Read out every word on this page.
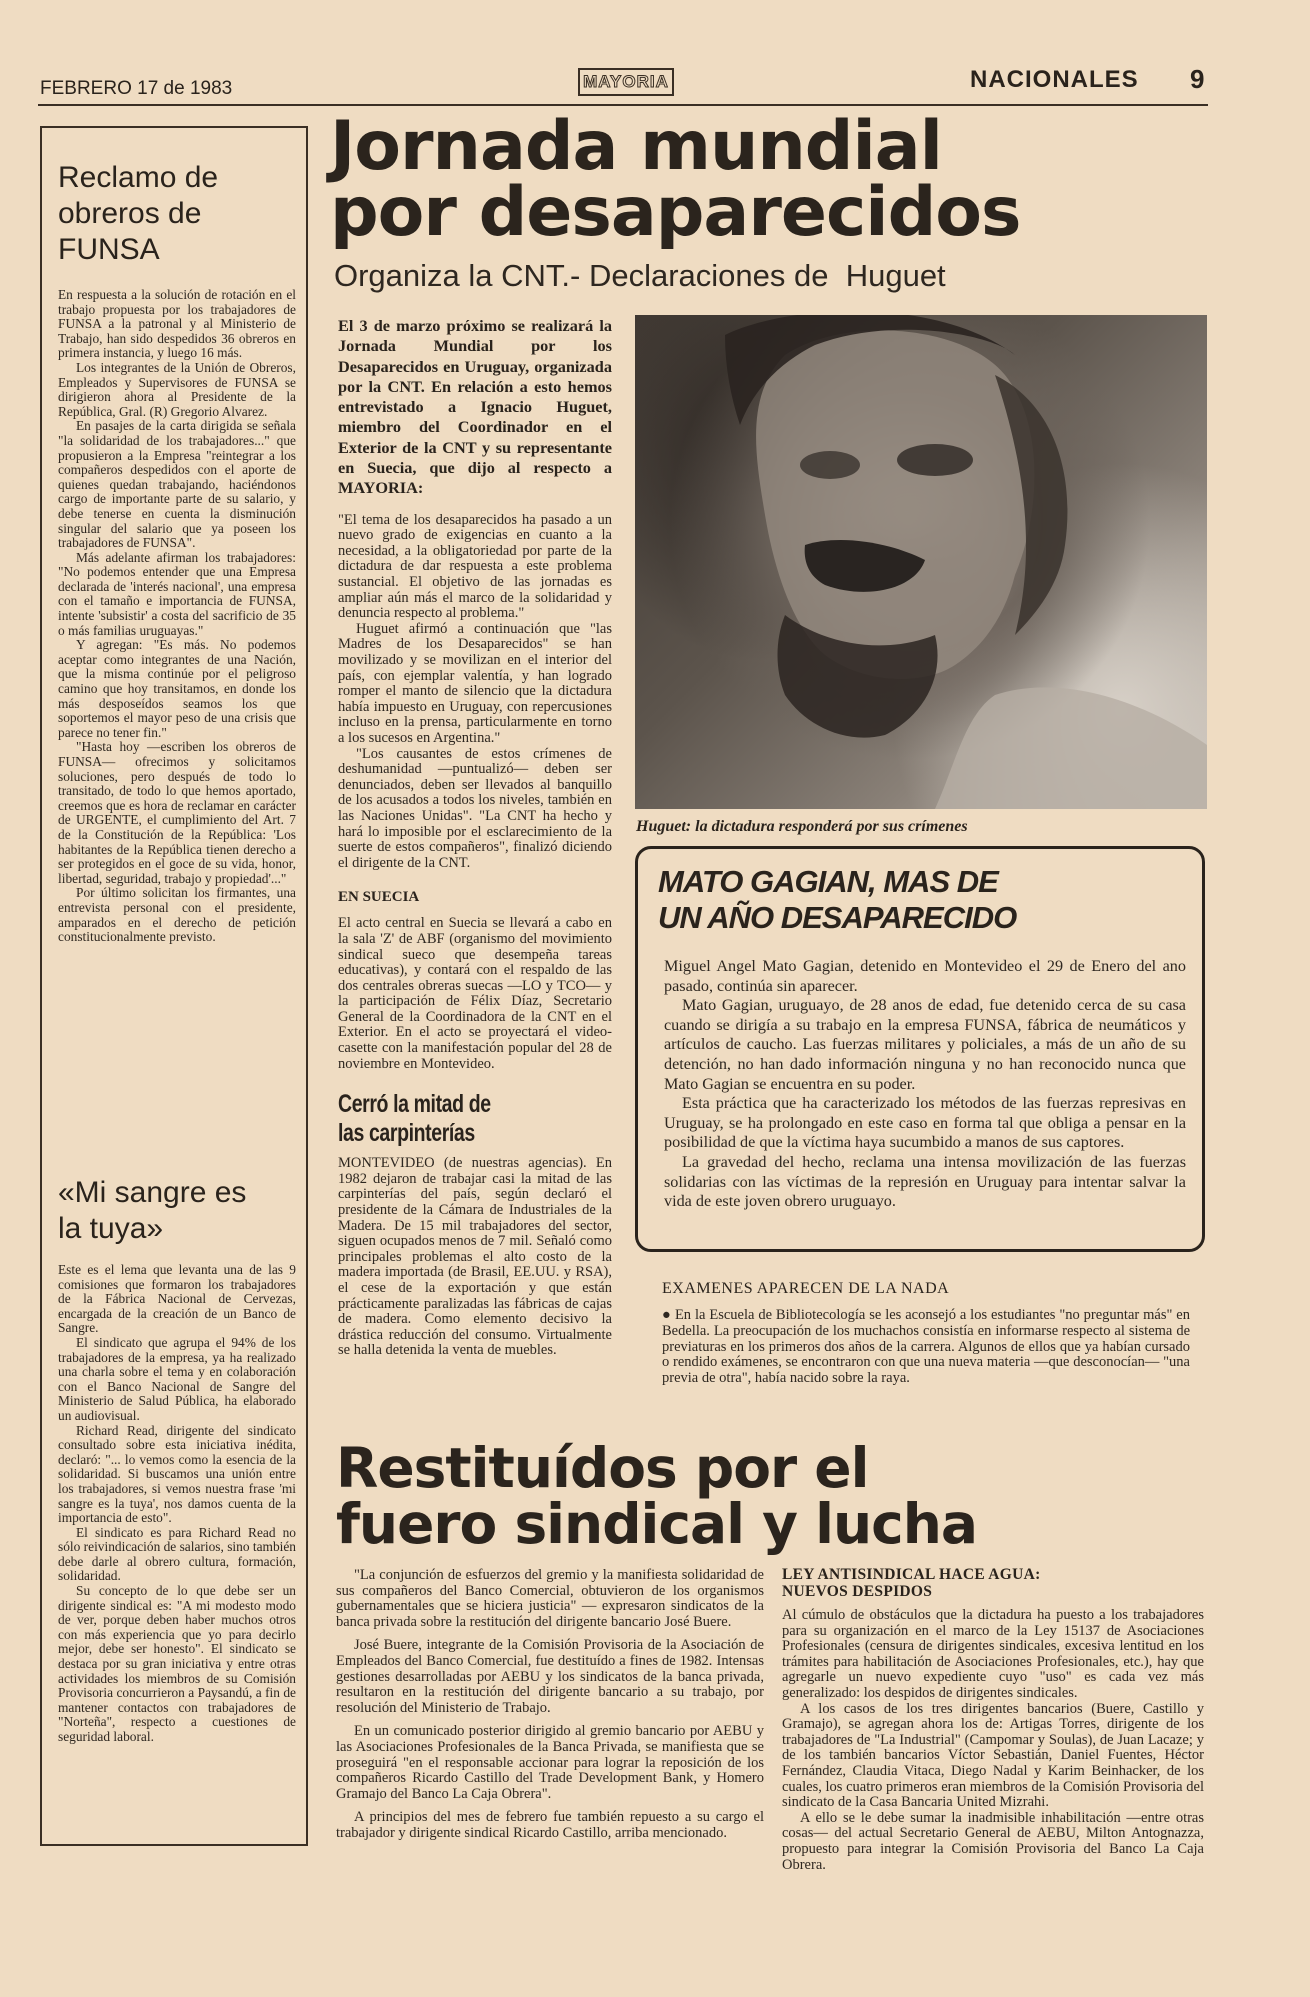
FEBRERO 17 de 1983	MAYORIA	NACIONALES 9
Reclamo de obreros de FUNSA

En respuesta a la solución de rotación en el trabajo propuesta por los trabajadores de FUNSA a la patronal y al Ministerio de Trabajo, han sido despedidos 36 obreros en primera instancia, y luego 16 más.

Los integrantes de la Unión de Obreros, Empleados y Supervisores de FUNSA se dirigieron ahora al Presidente de la República, Gral. (R) Gregorio Alvarez.

En pasajes de la carta dirigida se señala "la solidaridad de los trabajadores..." que propusieron a la Empresa "reintegrar a los compañeros despedidos con el aporte de quienes quedan trabajando, haciéndonos cargo de importante parte de su salario, y debe tenerse en cuenta la disminución singular del salario que ya poseen los trabajadores de FUNSA".

Más adelante afirman los trabajadores: "No podemos entender que una Empresa declarada de 'interés nacional', una empresa con el tamaño e importancia de FUNSA, intente 'subsistir' a costa del sacrificio de 35 o más familias uruguayas."

Y agregan: "Es más. No podemos aceptar como integrantes de una Nación, que la misma continúe por el peligroso camino que hoy transitamos, en donde los más desposeídos seamos los que soportemos el mayor peso de una crisis que parece no tener fin."

"Hasta hoy —escriben los obreros de FUNSA— ofrecimos y solicitamos soluciones, pero después de todo lo transitado, de todo lo que hemos aportado, creemos que es hora de reclamar en carácter de URGENTE, el cumplimiento del Art. 7 de la Constitución de la República: 'Los habitantes de la República tienen derecho a ser protegidos en el goce de su vida, honor, libertad, seguridad, trabajo y propiedad'..."

Por último solicitan los firmantes, una entrevista personal con el presidente, amparados en el derecho de petición constitucionalmente previsto.

«Mi sangre es la tuya»

Este es el lema que levanta una de las 9 comisiones que formaron los trabajadores de la Fábrica Nacional de Cervezas, encargada de la creación de un Banco de Sangre.

El sindicato que agrupa el 94% de los trabajadores de la empresa, ya ha realizado una charla sobre el tema y en colaboración con el Banco Nacional de Sangre del Ministerio de Salud Pública, ha elaborado un audiovisual.

Richard Read, dirigente del sindicato consultado sobre esta iniciativa inédita, declaró: "... lo vemos como la esencia de la solidaridad. Si buscamos una unión entre los trabajadores, si vemos nuestra frase 'mi sangre es la tuya', nos damos cuenta de la importancia de esto".

El sindicato es para Richard Read no sólo reivindicación de salarios, sino también debe darle al obrero cultura, formación, solidaridad.

Su concepto de lo que debe ser un dirigente sindical es: "A mi modesto modo de ver, porque deben haber muchos otros con más experiencia que yo para decirlo mejor, debe ser honesto". El sindicato se destaca por su gran iniciativa y entre otras actividades los miembros de su Comisión Provisoria concurrieron a Paysandú, a fin de mantener contactos con trabajadores de "Norteña", respecto a cuestiones de seguridad laboral.

Jornada mundial
por desaparecidos
Organiza la CNT.- Declaraciones de  Huguet
El 3 de marzo próximo se realizará la Jornada Mundial por los Desaparecidos en Uruguay, organizada por la CNT. En relación a esto hemos entrevistado a Ignacio Huguet, miembro del Coordinador en el Exterior de la CNT y su representante en Suecia, que dijo al respecto a MAYORIA:

"El tema de los desaparecidos ha pasado a un nuevo grado de exigencias en cuanto a la necesidad, a la obligatoriedad por parte de la dictadura de dar respuesta a este problema sustancial. El objetivo de las jornadas es ampliar aún más el marco de la solidaridad y denuncia respecto al problema."

Huguet afirmó a continuación que "las Madres de los Desaparecidos" se han movilizado y se movilizan en el interior del país, con ejemplar valentía, y han logrado romper el manto de silencio que la dictadura había impuesto en Uruguay, con repercusiones incluso en la prensa, particularmente en torno a los sucesos en Argentina."

"Los causantes de estos crímenes de deshumanidad —puntualizó— deben ser denunciados, deben ser llevados al banquillo de los acusados a todos los niveles, también en las Naciones Unidas". "La CNT ha hecho y hará lo imposible por el esclarecimiento de la suerte de estos compañeros", finalizó diciendo el dirigente de la CNT.

EN SUECIA

El acto central en Suecia se llevará a cabo en la sala 'Z' de ABF (organismo del movimiento sindical sueco que desempeña tareas educativas), y contará con el respaldo de las dos centrales obreras suecas —LO y TCO— y la participación de Félix Díaz, Secretario General de la Coordinadora de la CNT en el Exterior. En el acto se proyectará el video-casette con la manifestación popular del 28 de noviembre en Montevideo.

Cerró la mitad de
las carpinterías

MONTEVIDEO (de nuestras agencias). En 1982 dejaron de trabajar casi la mitad de las carpinterías del país, según declaró el presidente de la Cámara de Industriales de la Madera. De 15 mil trabajadores del sector, siguen ocupados menos de 7 mil. Señaló como principales problemas el alto costo de la madera importada (de Brasil, EE.UU. y RSA), el cese de la exportación y que están prácticamente paralizadas las fábricas de cajas de madera. Como elemento decisivo la drástica reducción del consumo. Virtualmente se halla detenida la venta de muebles.

Huguet: la dictadura responderá por sus crímenes
MATO GAGIAN, MAS DE
UN AÑO DESAPARECIDO

Miguel Angel Mato Gagian, detenido en Montevideo el 29 de Enero del ano pasado, continúa sin aparecer.

Mato Gagian, uruguayo, de 28 anos de edad, fue detenido cerca de su casa cuando se dirigía a su trabajo en la empresa FUNSA, fábrica de neumáticos y artículos de caucho. Las fuerzas militares y policiales, a más de un año de su detención, no han dado información ninguna y no han reconocido nunca que Mato Gagian se encuentra en su poder.

Esta práctica que ha caracterizado los métodos de las fuerzas represivas en Uruguay, se ha prolongado en este caso en forma tal que obliga a pensar en la posibilidad de que la víctima haya sucumbido a manos de sus captores.

La gravedad del hecho, reclama una intensa movilización de las fuerzas solidarias con las víctimas de la represión en Uruguay para intentar salvar la vida de este joven obrero uruguayo.

EXAMENES APARECEN DE LA NADA

● En la Escuela de Bibliotecología se les aconsejó a los estudiantes "no preguntar más" en Bedella. La preocupación de los muchachos consistía en informarse respecto al sistema de previaturas en los primeros dos años de la carrera. Algunos de ellos que ya habían cursado o rendido exámenes, se encontraron con que una nueva materia —que desconocían— "una previa de otra", había nacido sobre la raya.

Restituídos por el
fuero sindical y lucha

"La conjunción de esfuerzos del gremio y la manifiesta solidaridad de sus compañeros del Banco Comercial, obtuvieron de los organismos gubernamentales que se hiciera justicia" — expresaron sindicatos de la banca privada sobre la restitución del dirigente bancario José Buere.

José Buere, integrante de la Comisión Provisoria de la Asociación de Empleados del Banco Comercial, fue destituído a fines de 1982. Intensas gestiones desarrolladas por AEBU y los sindicatos de la banca privada, resultaron en la restitución del dirigente bancario a su trabajo, por resolución del Ministerio de Trabajo.

En un comunicado posterior dirigido al gremio bancario por AEBU y las Asociaciones Profesionales de la Banca Privada, se manifiesta que se proseguirá "en el responsable accionar para lograr la reposición de los compañeros Ricardo Castillo del Trade Development Bank, y Homero Gramajo del Banco La Caja Obrera".

A principios del mes de febrero fue también repuesto a su cargo el trabajador y dirigente sindical Ricardo Castillo, arriba mencionado.

LEY ANTISINDICAL HACE AGUA:
NUEVOS DESPIDOS

Al cúmulo de obstáculos que la dictadura ha puesto a los trabajadores para su organización en el marco de la Ley 15137 de Asociaciones Profesionales (censura de dirigentes sindicales, excesiva lentitud en los trámites para habilitación de Asociaciones Profesionales, etc.), hay que agregarle un nuevo expediente cuyo "uso" es cada vez más generalizado: los despidos de dirigentes sindicales.

A los casos de los tres dirigentes bancarios (Buere, Castillo y Gramajo), se agregan ahora los de: Artigas Torres, dirigente de los trabajadores de "La Industrial" (Campomar y Soulas), de Juan Lacaze; y de los también bancarios Víctor Sebastián, Daniel Fuentes, Héctor Fernández, Claudia Vitaca, Diego Nadal y Karim Beinhacker, de los cuales, los cuatro primeros eran miembros de la Comisión Provisoria del sindicato de la Casa Bancaria United Mizrahi.

A ello se le debe sumar la inadmisible inhabilitación —entre otras cosas— del actual Secretario General de AEBU, Milton Antognazza, propuesto para integrar la Comisión Provisoria del Banco La Caja Obrera.
